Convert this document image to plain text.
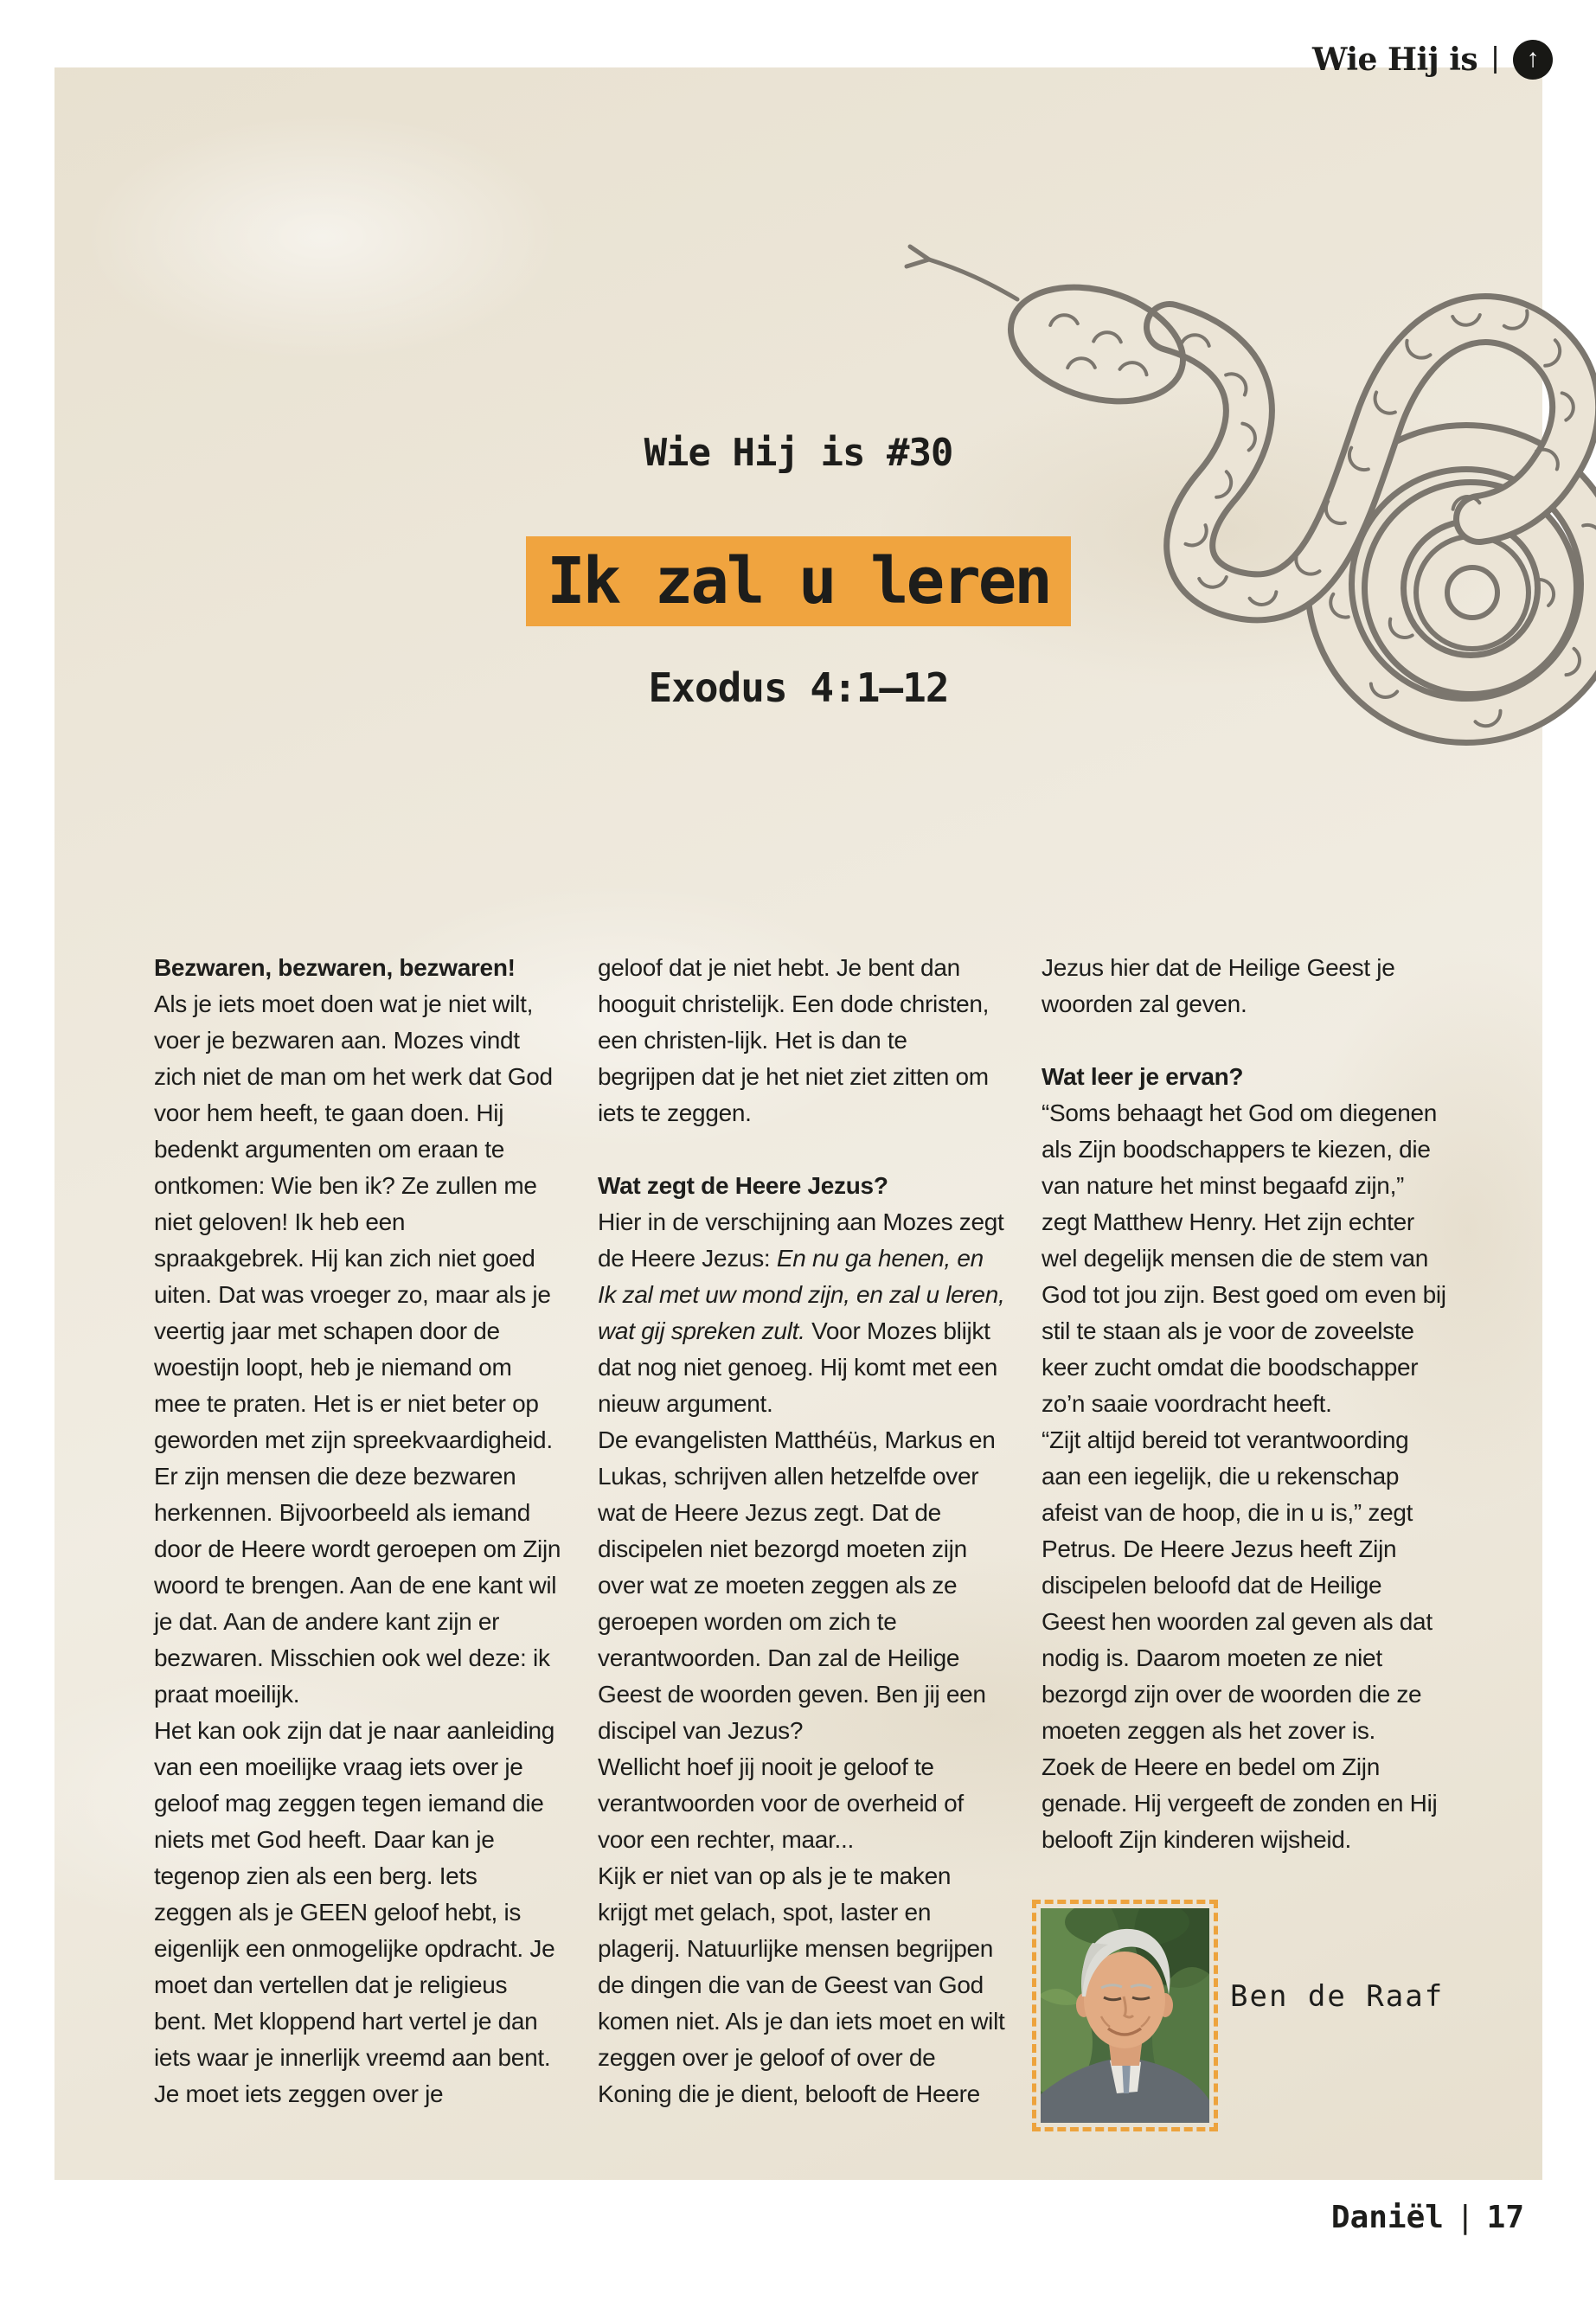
Wie Hij is | ↑
Wie Hij is #30
Ik zal u leren
Exodus 4:1–12
Bezwaren, bezwaren, bezwaren!

Als je iets moet doen wat je niet wilt, voer je bezwaren aan. Mozes vindt zich niet de man om het werk dat God voor hem heeft, te gaan doen. Hij bedenkt argumenten om eraan te ontkomen: Wie ben ik? Ze zullen me niet geloven! Ik heb een spraakgebrek. Hij kan zich niet goed uiten. Dat was vroeger zo, maar als je veertig jaar met schapen door de woestijn loopt, heb je niemand om mee te praten. Het is er niet beter op geworden met zijn spreekvaardigheid.

Er zijn mensen die deze bezwaren herkennen. Bijvoorbeeld als iemand door de Heere wordt geroepen om Zijn woord te brengen. Aan de ene kant wil je dat. Aan de andere kant zijn er bezwaren. Misschien ook wel deze: ik praat moeilijk.

Het kan ook zijn dat je naar aanleiding van een moeilijke vraag iets over je geloof mag zeggen tegen iemand die niets met God heeft. Daar kan je tegenop zien als een berg. Iets zeggen als je GEEN geloof hebt, is eigenlijk een onmogelijke opdracht. Je moet dan vertellen dat je religieus bent. Met kloppend hart vertel je dan iets waar je innerlijk vreemd aan bent. Je moet iets zeggen over je

geloof dat je niet hebt. Je bent dan hooguit christelijk. Een dode christen, een christen-lijk. Het is dan te begrijpen dat je het niet ziet zitten om iets te zeggen.

Wat zegt de Heere Jezus?

Hier in de verschijning aan Mozes zegt de Heere Jezus: En nu ga henen, en Ik zal met uw mond zijn, en zal u leren, wat gij spreken zult. Voor Mozes blijkt dat nog niet genoeg. Hij komt met een nieuw argument.

De evangelisten Matthéüs, Markus en Lukas, schrijven allen hetzelfde over wat de Heere Jezus zegt. Dat de discipelen niet bezorgd moeten zijn over wat ze moeten zeggen als ze geroepen worden om zich te verantwoorden. Dan zal de Heilige Geest de woorden geven. Ben jij een discipel van Jezus?

Wellicht hoef jij nooit je geloof te verantwoorden voor de overheid of voor een rechter, maar...

Kijk er niet van op als je te maken krijgt met gelach, spot, laster en plagerij. Natuurlijke mensen begrijpen de dingen die van de Geest van God komen niet. Als je dan iets moet en wilt zeggen over je geloof of over de Koning die je dient, belooft de Heere

Jezus hier dat de Heilige Geest je woorden zal geven.

Wat leer je ervan?

“Soms behaagt het God om diegenen als Zijn boodschappers te kiezen, die van nature het minst begaafd zijn,” zegt Matthew Henry. Het zijn echter wel degelijk mensen die de stem van God tot jou zijn. Best goed om even bij stil te staan als je voor de zoveelste keer zucht omdat die boodschapper zo’n saaie voordracht heeft.

“Zijt altijd bereid tot verantwoording aan een iegelijk, die u rekenschap afeist van de hoop, die in u is,” zegt Petrus. De Heere Jezus heeft Zijn discipelen beloofd dat de Heilige Geest hen woorden zal geven als dat nodig is. Daarom moeten ze niet bezorgd zijn over de woorden die ze moeten zeggen als het zover is.

Zoek de Heere en bedel om Zijn genade. Hij vergeeft de zonden en Hij belooft Zijn kinderen wijsheid.

Ben de Raaf
Daniël | 17
